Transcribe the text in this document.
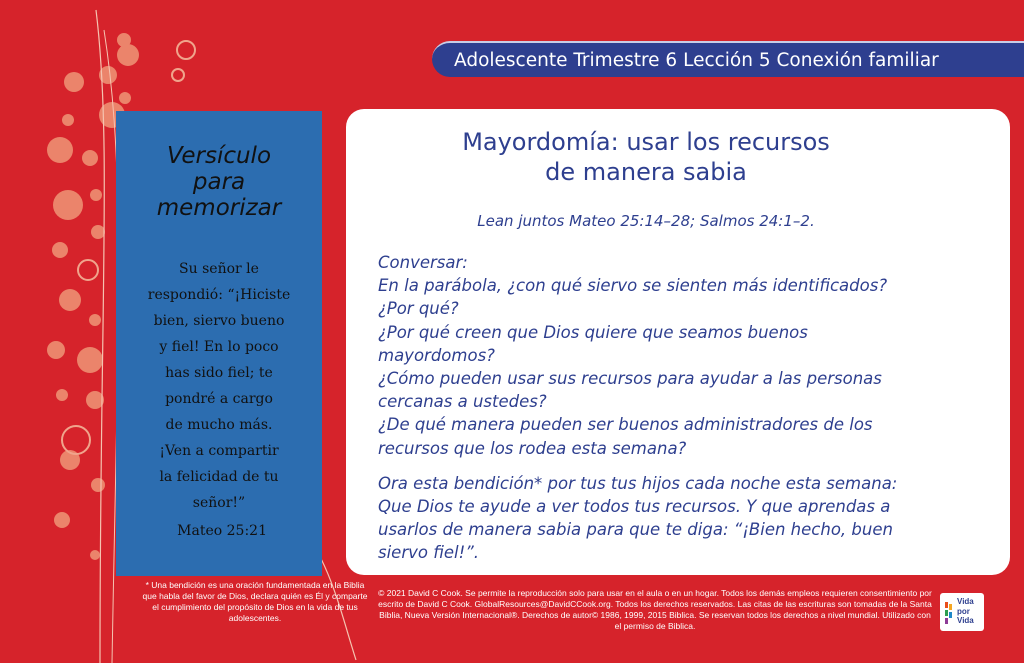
Adolescente Trimestre 6 Lección 5 Conexión familiar
Versículo
para
memorizar
Su señor le
respondió: “¡Hiciste
bien, siervo bueno
y fiel! En lo poco
has sido fiel; te
pondré a cargo
de mucho más.
¡Ven a compartir
la felicidad de tu
señor!”
Mateo 25:21
* Una bendición es una oración fundamentada en la Biblia que habla del favor de Dios, declara quién es Él y comparte el cumplimiento del propósito de Dios en la vida de tus adolescentes.
Mayordomía: usar los recursos
de manera sabia
Lean juntos Mateo 25:14–28; Salmos 24:1–2.
Conversar:
En la parábola, ¿con qué siervo se sienten más identificados?
¿Por qué?
¿Por qué creen que Dios quiere que seamos buenos
mayordomos?
¿Cómo pueden usar sus recursos para ayudar a las personas
cercanas a ustedes?
¿De qué manera pueden ser buenos administradores de los
recursos que los rodea esta semana?
Ora esta bendición* por tus tus hijos cada noche esta semana:
Que Dios te ayude a ver todos tus recursos. Y que aprendas a
usarlos de manera sabia para que te diga: “¡Bien hecho, buen
siervo fiel!”.
© 2021 David C Cook. Se permite la reproducción solo para usar en el aula o en un hogar. Todos los demás empleos requieren consentimiento por escrito de David C Cook. GlobalResources@DavidCCook.org. Todos los derechos reservados. Las citas de las escrituras son tomadas de la Santa Biblia, Nueva Versión Internacional®. Derechos de autor© 1986, 1999, 2015 Biblica. Se reservan todos los derechos a nivel mundial. Utilizado con el permiso de Biblica.
Vida
por
Vida
